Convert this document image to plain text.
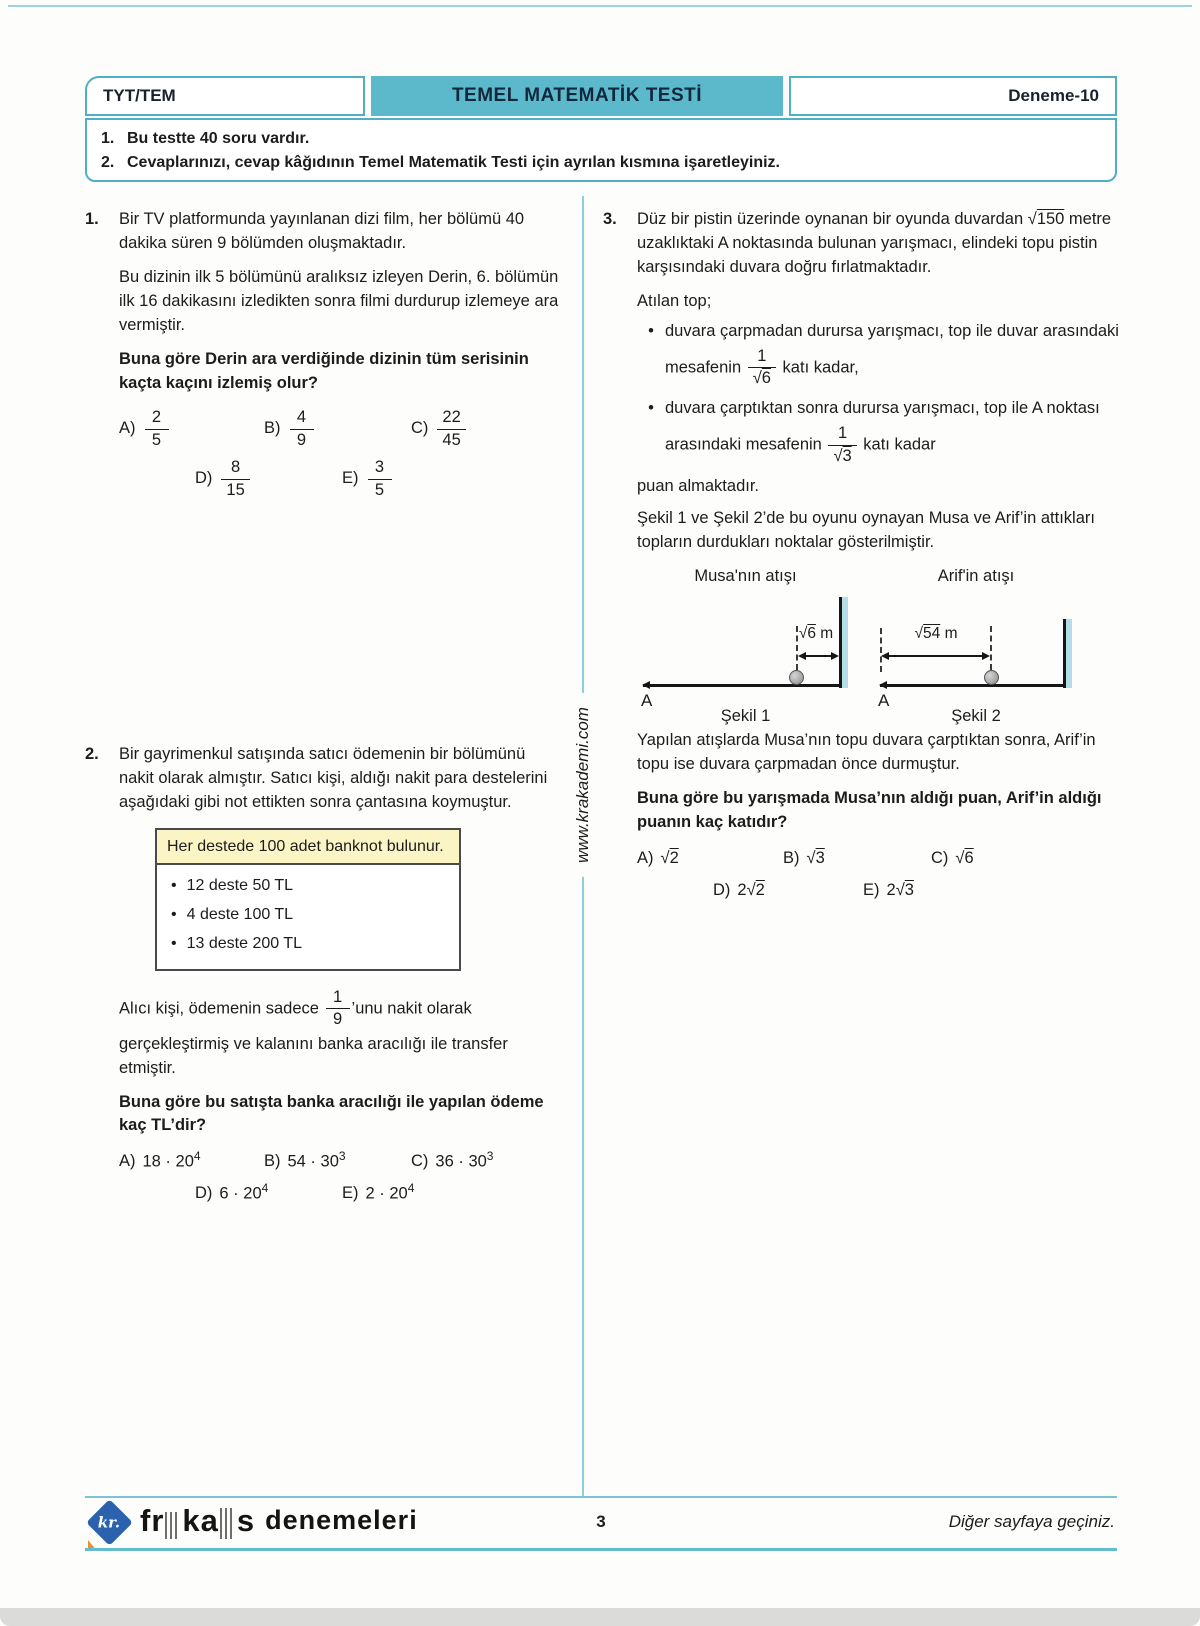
TYT/TEM	TEMEL MATEMATİK TESTİ	Deneme-10
1. Bu testte 40 soru vardır.
2. Cevaplarınızı, cevap kâğıdının Temel Matematik Testi için ayrılan kısmına işaretleyiniz.
www.krakademi.com
1.	Bir TV platformunda yayınlanan dizi film, her bölümü 40 dakika süren 9 bölümden oluşmaktadır.

Bu dizinin ilk 5 bölümünü aralıksız izleyen Derin, 6. bölümün ilk 16 dakikasını izledikten sonra filmi durdurup izlemeye ara vermiştir.

Buna göre Derin ara verdiğinde dizinin tüm serisinin kaçta kaçını izlemiş olur?

$A) \frac{2}{5}$	$B) \frac{4}{9}$	$C) \frac{22}{45}$
$D) \frac{8}{15}$	$E) \frac{3}{5}$
2.	Bir gayrimenkul satışında satıcı ödemenin bir bölümünü nakit olarak almıştır. Satıcı kişi, aldığı nakit para destelerini aşağıdaki gibi not ettikten sonra çantasına koymuştur.

Her destede 100 adet banknot bulunur.
• 12 deste 50 TL
• 4 deste 100 TL
• 13 deste 200 TL

Alıcı kişi, ödemenin sadece $\frac{1}{9}$ ’unu nakit olarak gerçekleştirmiş ve kalanını banka aracılığı ile transfer etmiştir.

Buna göre bu satışta banka aracılığı ile yapılan ödeme kaç TL’dir?

A) $18 \cdot 20^4$	B) $54 \cdot 30^3$	C) $36 \cdot 30^3$
D) $6 \cdot 20^4$	E) $2 \cdot 20^4$
3.	Düz bir pistin üzerinde oynanan bir oyunda duvardan √150 metre uzaklıktaki A noktasında bulunan yarışmacı, elindeki topu pistin karşısındaki duvara doğru fırlatmaktadır.

Atılan top;

• duvara çarpmadan durursa yarışmacı, top ile duvar arasındaki mesafenin $\frac{1}{√6}$ katı kadar,
• duvara çarptıktan sonra durursa yarışmacı, top ile A noktası arasındaki mesafenin $\frac{1}{√3}$ katı kadar

puan almaktadır.

Şekil 1 ve Şekil 2’de bu oyunu oynayan Musa ve Arif’in attıkları topların durdukları noktalar gösterilmiştir.

Musa'nın atışı
√6 m
A
Şekil 1
Arif'in atışı
√54 m
A
Şekil 2

Yapılan atışlarda Musa’nın topu duvara çarptıktan sonra, Arif’in topu ise duvara çarpmadan önce durmuştur.

Buna göre bu yarışmada Musa’nın aldığı puan, Arif’in aldığı puanın kaç katıdır?

A) √2	B) √3	C) √6
D) 2√2	E) 2√3
kr. fr ka s denemeleri	3	Diğer sayfaya geçiniz.
